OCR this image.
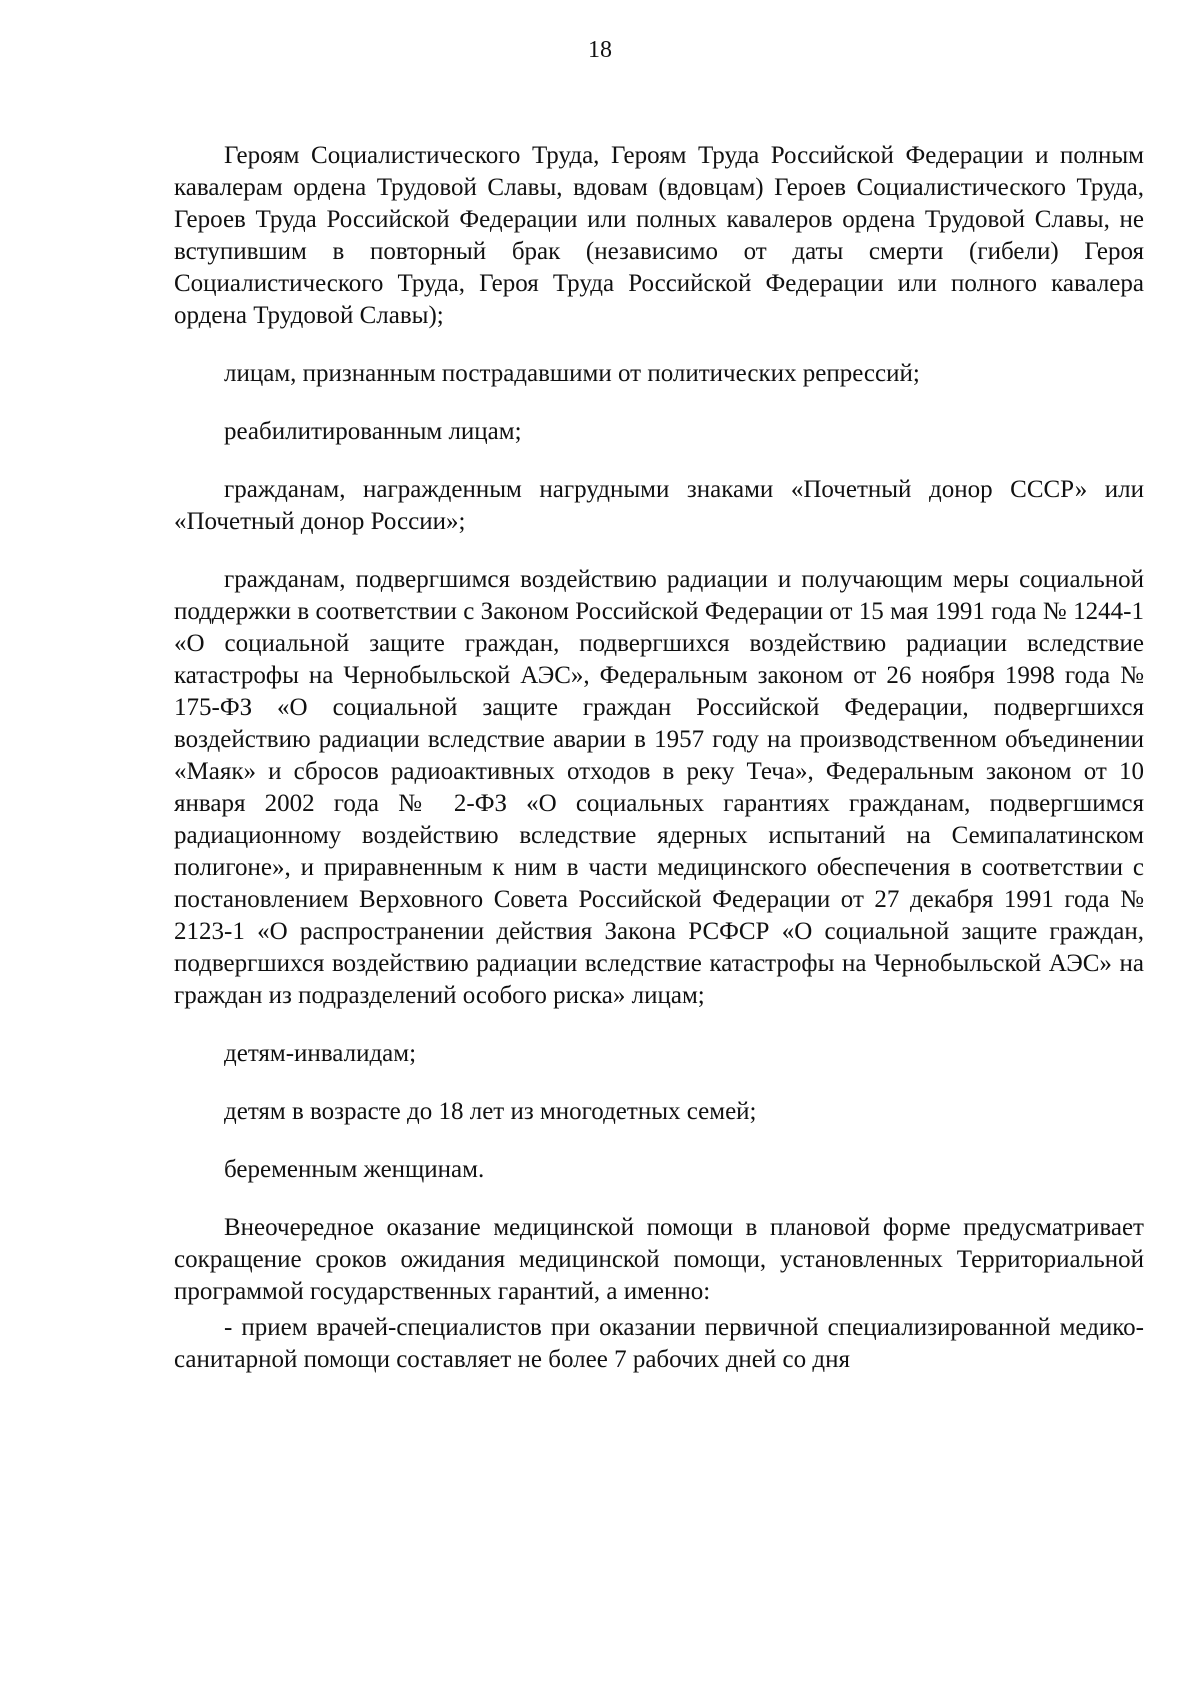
18

Героям Социалистического Труда, Героям Труда Российской Федерации и полным кавалерам ордена Трудовой Славы, вдовам (вдовцам) Героев Социалистического Труда, Героев Труда Российской Федерации или полных кавалеров ордена Трудовой Славы, не вступившим в повторный брак (независимо от даты смерти (гибели) Героя Социалистического Труда, Героя Труда Российской Федерации или полного кавалера ордена Трудовой Славы);

лицам, признанным пострадавшими от политических репрессий;

реабилитированным лицам;

гражданам, награжденным нагрудными знаками «Почетный донор СССР» или «Почетный донор России»;

гражданам, подвергшимся воздействию радиации и получающим меры социальной поддержки в соответствии с Законом Российской Федерации от 15 мая 1991 года № 1244-1 «О социальной защите граждан, подвергшихся воздействию радиации вследствие катастрофы на Чернобыльской АЭС», Федеральным законом от 26 ноября 1998 года № 175-ФЗ «О социальной защите граждан Российской Федерации, подвергшихся воздействию радиации вследствие аварии в 1957 году на производственном объединении «Маяк» и сбросов радиоактивных отходов в реку Теча», Федеральным законом от 10 января 2002 года № 2-ФЗ «О социальных гарантиях гражданам, подвергшимся радиационному воздействию вследствие ядерных испытаний на Семипалатинском полигоне», и приравненным к ним в части медицинского обеспечения в соответствии с постановлением Верховного Совета Российской Федерации от 27 декабря 1991 года № 2123-1 «О распространении действия Закона РСФСР «О социальной защите граждан, подвергшихся воздействию радиации вследствие катастрофы на Чернобыльской АЭС» на граждан из подразделений особого риска» лицам;

детям-инвалидам;

детям в возрасте до 18 лет из многодетных семей;

беременным женщинам.

Внеочередное оказание медицинской помощи в плановой форме предусматривает сокращение сроков ожидания медицинской помощи, установленных Территориальной программой государственных гарантий, а именно:

- прием врачей-специалистов при оказании первичной специализированной медико-санитарной помощи составляет не более 7 рабочих дней со дня
